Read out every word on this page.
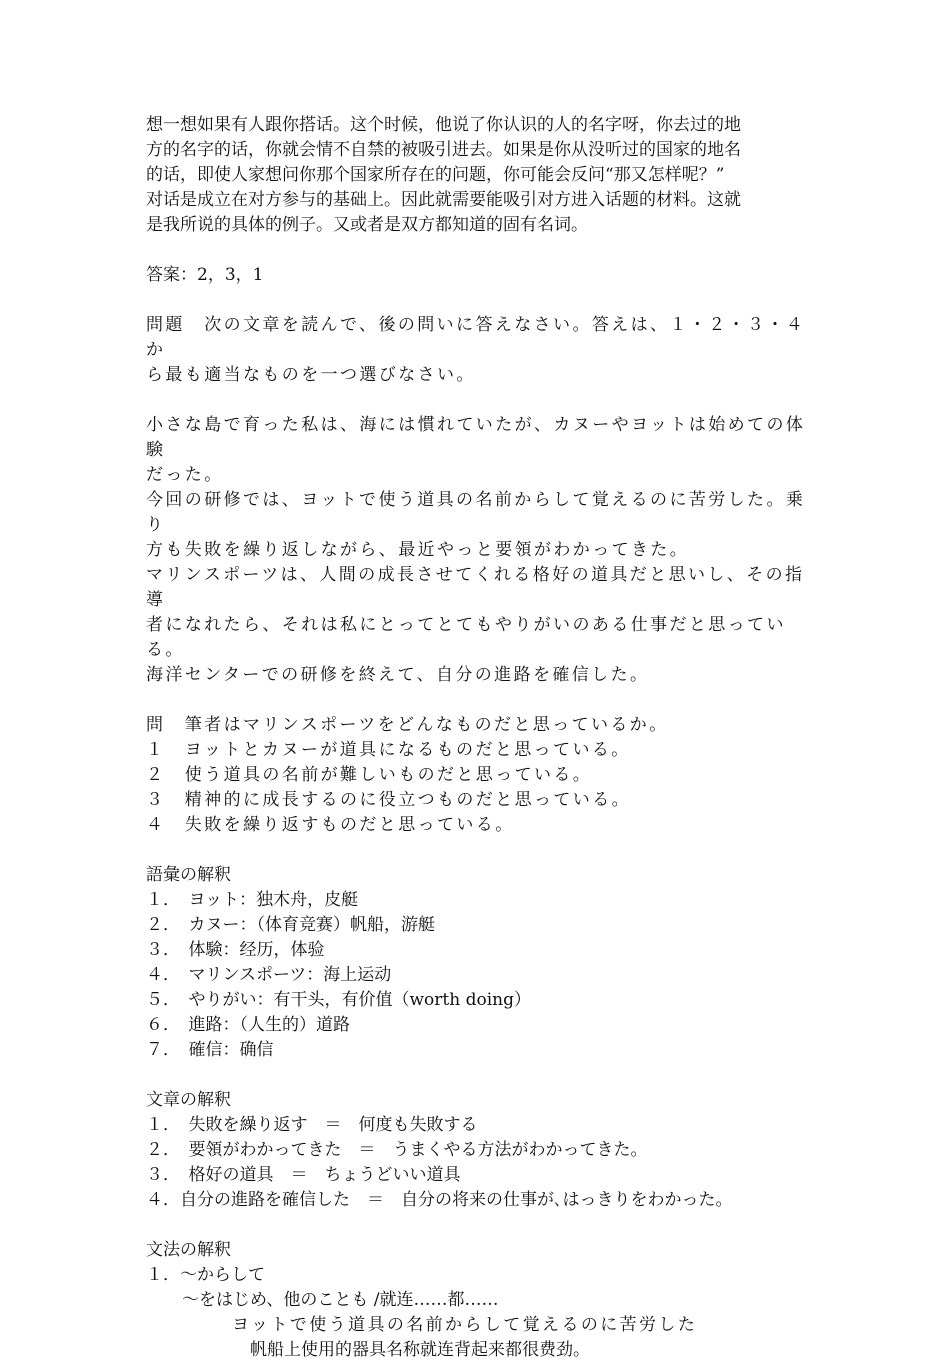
想一想如果有人跟你搭话。这个时候，他说了你认识的人的名字呀，你去过的地

方的名字的话，你就会情不自禁的被吸引进去。如果是你从没听过的国家的地名

的话，即使人家想问你那个国家所存在的问题，你可能会反问“那又怎样呢？”

对话是成立在对方参与的基础上。因此就需要能吸引对方进入话题的材料。这就

是我所说的具体的例子。又或者是双方都知道的固有名词。

答案：2，3，1

問題　次の文章を読んで、後の問いに答えなさい。答えは、１・２・３・４か

ら最も適当なものを一つ選びなさい。

小さな島で育った私は、海には慣れていたが、カヌーやヨットは始めての体験

だった。

今回の研修では、ヨットで使う道具の名前からして覚えるのに苦労した。乗り

方も失敗を繰り返しながら、最近やっと要領がわかってきた。

マリンスポーツは、人間の成長させてくれる格好の道具だと思いし、その指導

者になれたら、それは私にとってとてもやりがいのある仕事だと思っている。

海洋センターでの研修を終えて、自分の進路を確信した。

問　筆者はマリンスポーツをどんなものだと思っているか。

１　ヨットとカヌーが道具になるものだと思っている。

２　使う道具の名前が難しいものだと思っている。

３　精神的に成長するのに役立つものだと思っている。

４　失敗を繰り返すものだと思っている。

語彙の解釈

１．　ヨット：独木舟，皮艇

２．　カヌー：（体育竞赛）帆船，游艇

３．　体験：经历，体验

４．　マリンスポーツ：海上运动

５．　やりがい：有干头，有价值（worth doing）

６．　進路：（人生的）道路

７．　確信：确信

文章の解釈

１．　失敗を繰り返す　＝　何度も失敗する

２．　要領がわかってきた　＝　うまくやる方法がわかってきた。

３．　格好の道具　＝　ちょうどいい道具

４．自分の進路を確信した　＝　自分の将来の仕事が､はっきりをわかった。

文法の解釈

１．～からして

～をはじめ、他のことも /就连……都……

ヨットで使う道具の名前からして覚えるのに苦労した

帆船上使用的器具名称就连背起来都很费劲。
